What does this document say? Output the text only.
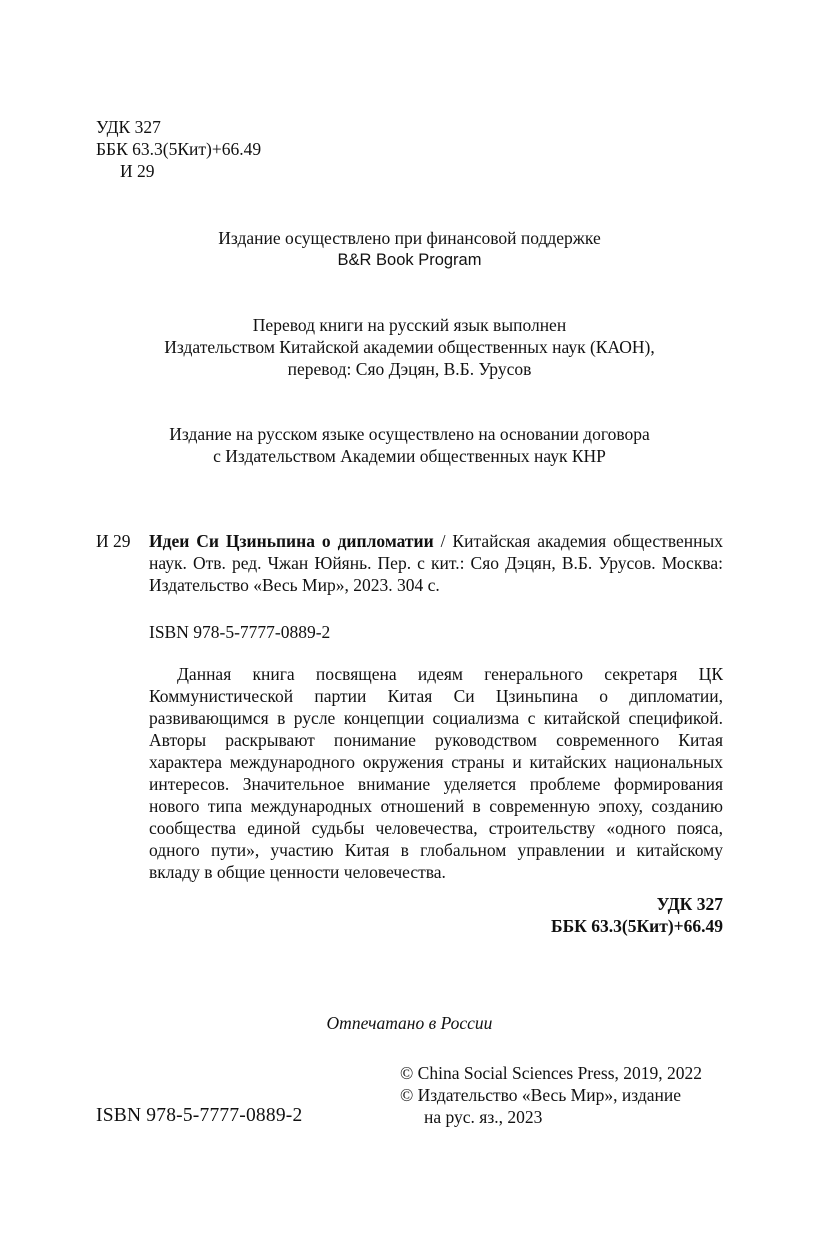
УДК 327
ББК 63.3(5Кит)+66.49
И 29
Издание осуществлено при финансовой поддержке
B&R Book Program
Перевод книги на русский язык выполнен
Издательством Китайской академии общественных наук (КАОН),
перевод: Сяо Дэцян, В.Б. Урусов
Издание на русском языке осуществлено на основании договора
с Издательством Академии общественных наук КНР
И 29 Идеи Си Цзиньпина о дипломатии / Китайская академия общественных наук. Отв. ред. Чжан Юйянь. Пер. с кит.: Сяо Дэцян, В.Б. Урусов. Москва: Издательство «Весь Мир», 2023. 304 с.
ISBN 978-5-7777-0889-2
Данная книга посвящена идеям генерального секретаря ЦК Коммунистической партии Китая Си Цзиньпина о дипломатии, развивающимся в русле концепции социализма с китайской спецификой. Авторы раскрывают понимание руководством современного Китая характера международного окружения страны и китайских национальных интересов. Значительное внимание уделяется проблеме формирования нового типа международных отношений в современную эпоху, созданию сообщества единой судьбы человечества, строительству «одного пояса, одного пути», участию Китая в глобальном управлении и китайскому вкладу в общие ценности человечества.
УДК 327
ББК 63.3(5Кит)+66.49
Отпечатано в России
© China Social Sciences Press, 2019, 2022
© Издательство «Весь Мир», издание
на рус. яз., 2023
ISBN 978-5-7777-0889-2
